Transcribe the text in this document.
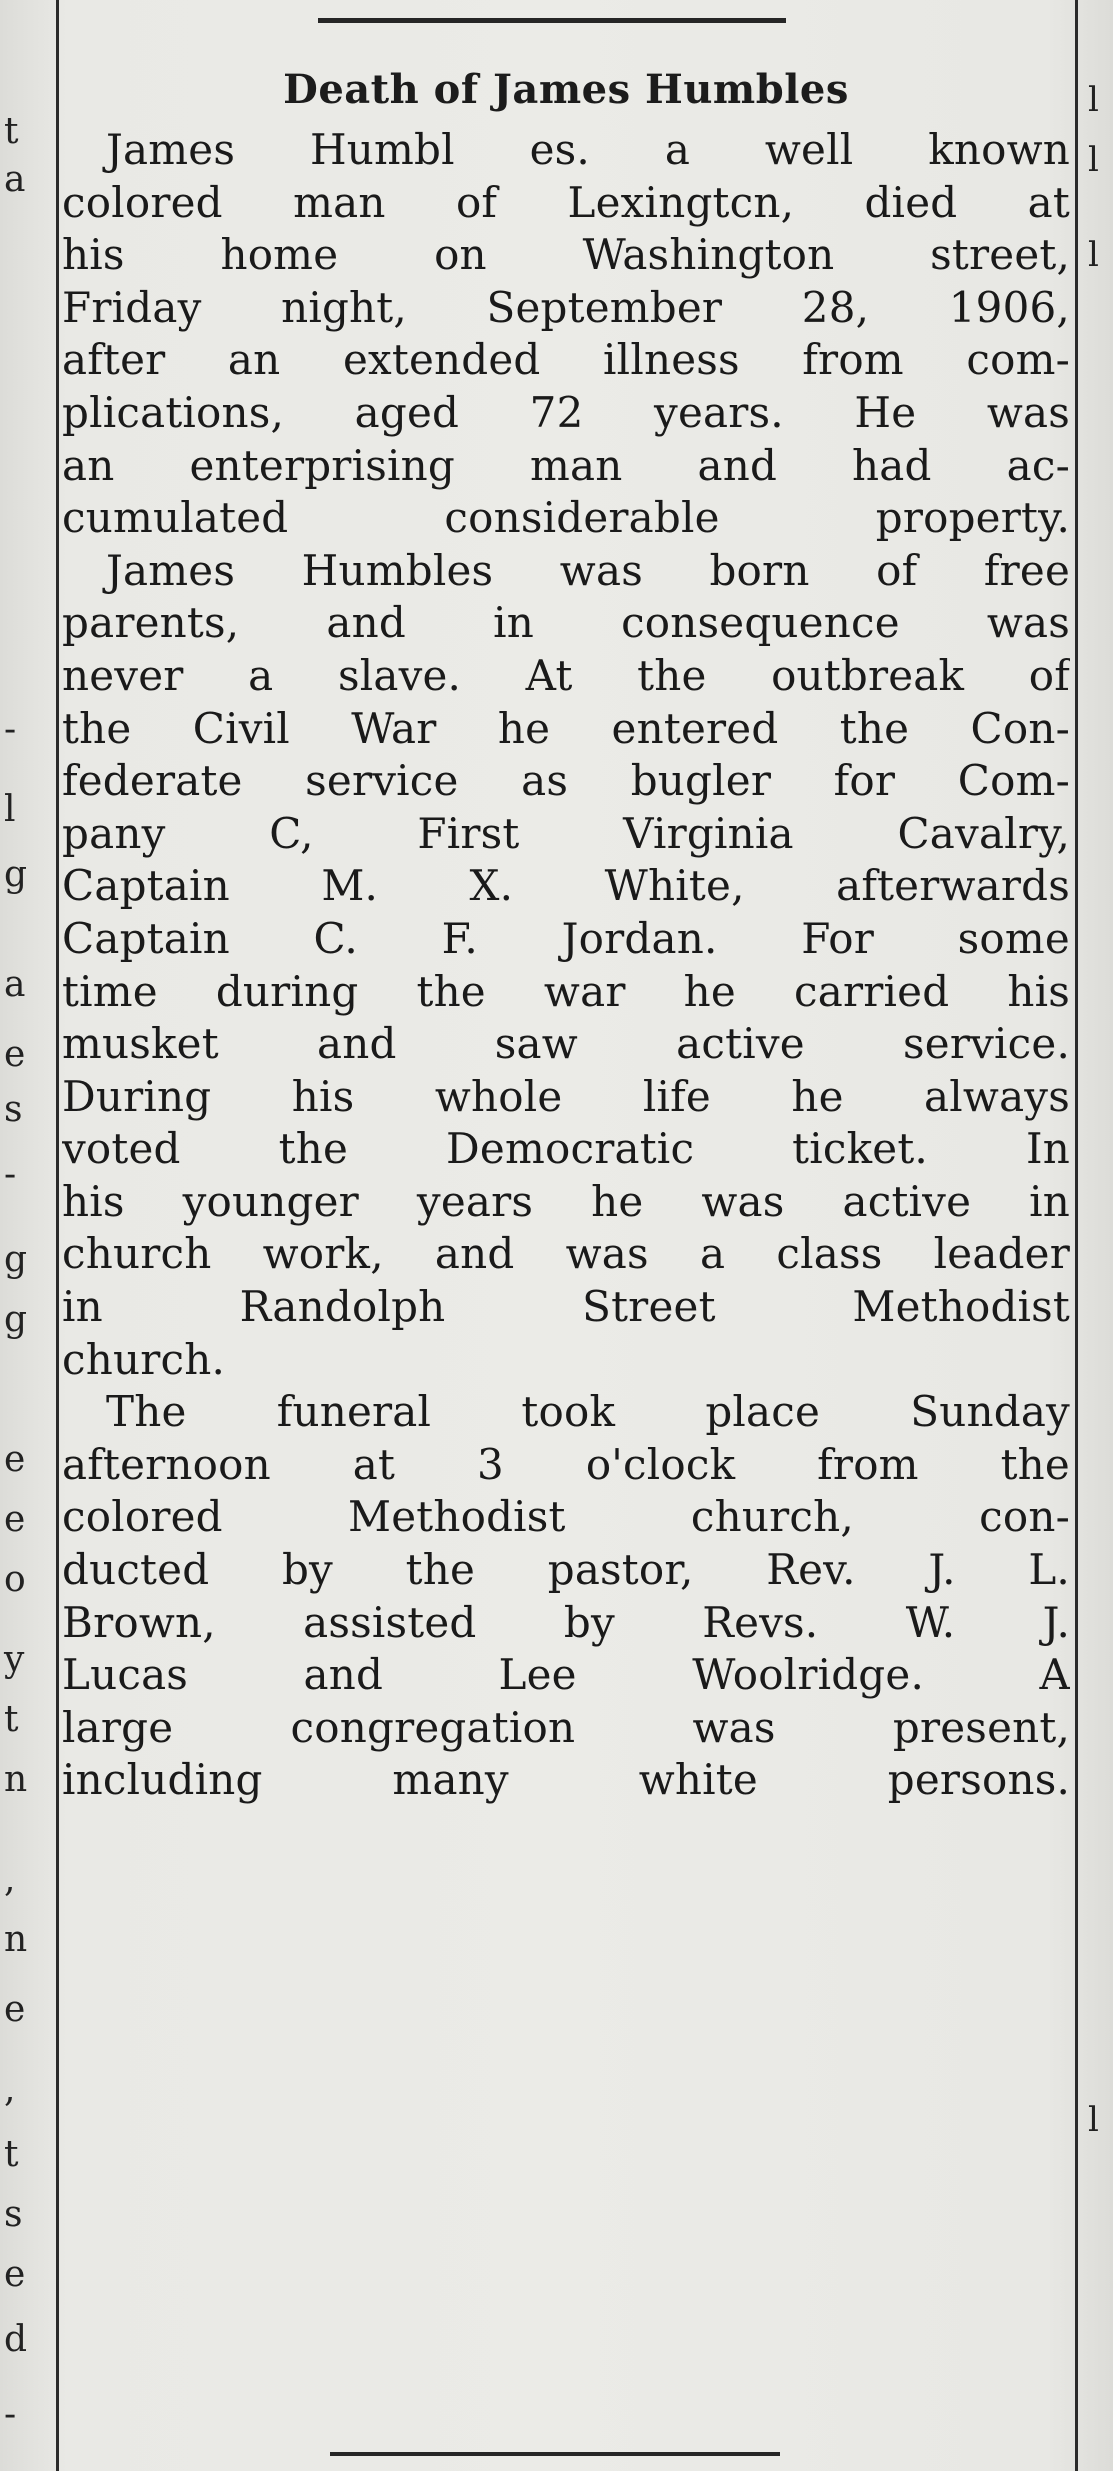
t
a
-
l
g
a
e
s
-
g
g
e
e
o
y
t
n
,
n
e
,
t
s
e
d
-
l
l
l
l
Death of James Humbles
James Humbl es. a well known
colored man of Lexingtcn, died at
his home on Washington street,
Friday night, September 28, 1906,
after an extended illness from com-
plications, aged 72 years. He was
an enterprising man and had ac-
cumulated considerable property.
James Humbles was born of free
parents, and in consequence was
never a slave. At the outbreak of
the Civil War he entered the Con-
federate service as bugler for Com-
pany C, First Virginia Cavalry,
Captain M. X. White, afterwards
Captain C. F. Jordan. For some
time during the war he carried his
musket and saw active service.
During his whole life he always
voted the Democratic ticket. In
his younger years he was active in
church work, and was a class leader
in Randolph Street Methodist
church.
The funeral took place Sunday
afternoon at 3 o'clock from the
colored Methodist church, con-
ducted by the pastor, Rev. J. L.
Brown, assisted by Revs. W. J.
Lucas and Lee Woolridge. A
large congregation was present,
including many white persons.
